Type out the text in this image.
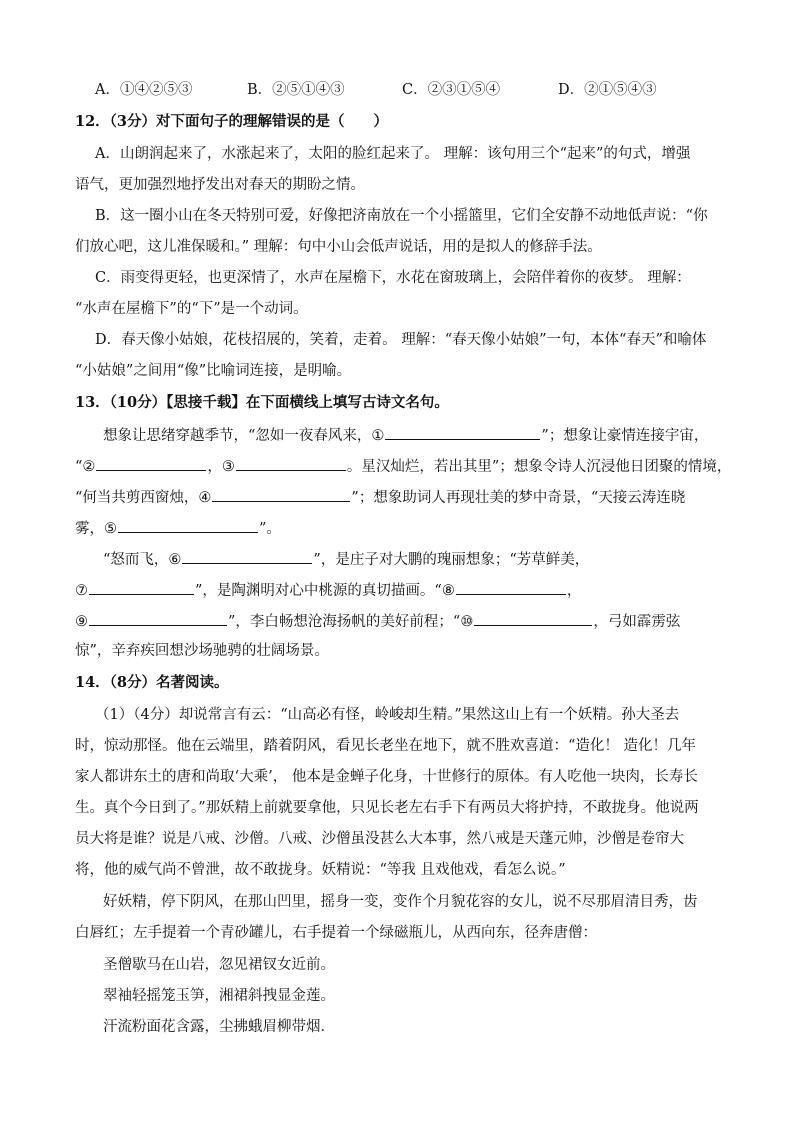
A．①④②⑤③	B．②⑤①④③	C．②③①⑤④	D．②①⑤④③
12．（3分）对下面句子的理解错误的是（　　）
A．山朗润起来了，水涨起来了，太阳的脸红起来了。 理解：该句用三个“起来”的句式，增强
语气，更加强烈地抒发出对春天的期盼之情。
B．这一圈小山在冬天特别可爱，好像把济南放在一个小摇篮里，它们全安静不动地低声说：“你
们放心吧，这儿准保暖和。” 理解：句中小山会低声说话，用的是拟人的修辞手法。
C．雨变得更轻，也更深情了，水声在屋檐下，水花在窗玻璃上，会陪伴着你的夜梦。 理解：
“水声在屋檐下”的“下”是一个动词。
D．春天像小姑娘，花枝招展的，笑着，走着。 理解：“春天像小姑娘”一句，本体“春天”和喻体
“小姑娘”之间用“像”比喻词连接，是明喻。
13．（10分）【思接千载】在下面横线上填写古诗文名句。
想象让思绪穿越季节，“忽如一夜春风来，①	”；想象让豪情连接宇宙，
“②	，③	。星汉灿烂，若出其里”；想象令诗人沉浸他日团聚的情境，
“何当共剪西窗烛，④	”；想象助词人再现壮美的梦中奇景，“天接云涛连晓
雾，⑤	”。
“怒而飞，⑥	”，是庄子对大鹏的瑰丽想象；“芳草鲜美，
⑦	”，是陶渊明对心中桃源的真切描画。“⑧	，
⑨	”，李白畅想沧海扬帆的美好前程；“⑩	，弓如霹雳弦
惊”，辛弃疾回想沙场驰骋的壮阔场景。
14．（8分）名著阅读。
（1）（4分）却说常言有云：“山高必有怪，岭峻却生精。”果然这山上有一个妖精。孙大圣去
时，惊动那怪。他在云端里，踏着阴风，看见长老坐在地下，就不胜欢喜道：“造化！ 造化！几年
家人都讲东土的唐和尚取‘大乘’， 他本是金蝉子化身，十世修行的原体。有人吃他一块肉，长寿长
生。真个今日到了。”那妖精上前就要拿他，只见长老左右手下有两员大将护持，不敢拢身。他说两
员大将是谁？说是八戒、沙僧。八戒、沙僧虽没甚么大本事，然八戒是天蓬元帅，沙僧是卷帘大
将，他的威气尚不曾泄，故不敢拢身。妖精说：“等我 且戏他戏，看怎么说。”
好妖精，停下阴风，在那山凹里，摇身一变，变作个月貌花容的女儿，说不尽那眉清目秀，齿
白唇红；左手提着一个青砂罐儿，右手提着一个绿磁瓶儿，从西向东，径奔唐僧：
圣僧歇马在山岩，忽见裙钗女近前。
翠袖轻摇笼玉笋，湘裙斜拽显金莲。
汗流粉面花含露，尘拂蛾眉柳带烟．
